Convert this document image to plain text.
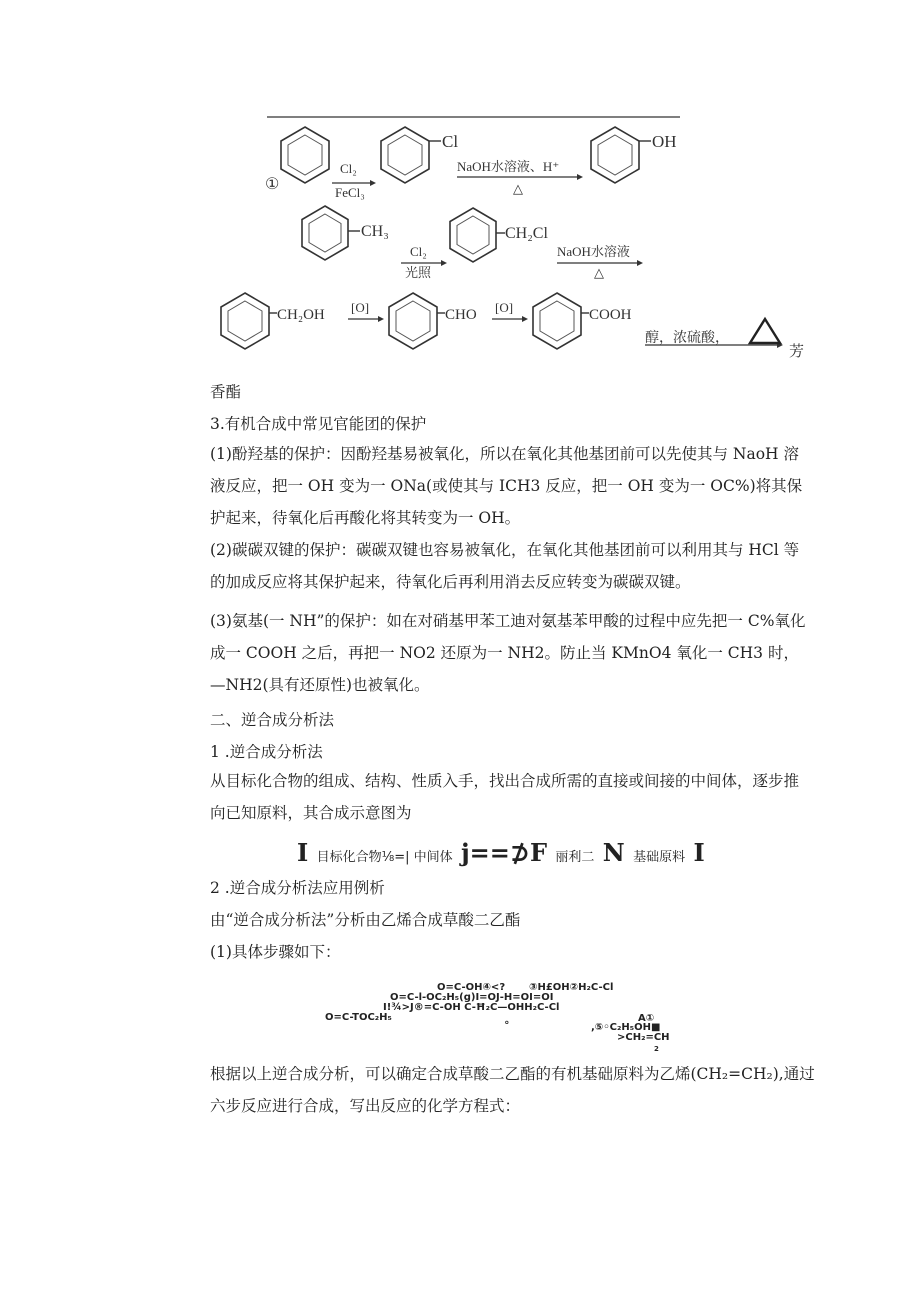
①
Cl₂
FeCl₃
Cl
NaOH水溶液、H⁺
△
OH
CH₃
Cl₂
光照
CH₂Cl
NaOH水溶液
△
CH₂OH [O]	CHO [O]	COOH
醇，浓硫酸，
芳
香酯
3.有机合成中常见官能团的保护
(1)酚羟基的保护：因酚羟基易被氧化，所以在氧化其他基团前可以先使其与 NaoH 溶液反应，把一 OH 变为一 ONa(或使其与 ICH3 反应，把一 OH 变为一 OC%)将其保护起来，待氧化后再酸化将其转变为一 OH。
(2)碳碳双键的保护：碳碳双键也容易被氧化，在氧化其他基团前可以利用其与 HCl 等的加成反应将其保护起来，待氧化后再利用消去反应转变为碳碳双键。
(3)氨基(一 NH”的保护：如在对硝基甲苯工迪对氨基苯甲酸的过程中应先把一 C%氧化成一 COOH 之后，再把一 NO2 还原为一 NH2。防止当 KMnO4 氧化一 CH3 时，—NH2(具有还原性)也被氧化。
二、逆合成分析法
1 .逆合成分析法
从目标化合物的组成、结构、性质入手，找出合成所需的直接或间接的中间体，逐步推向已知原料，其合成示意图为
I 目标化合物⅛=| 中间体 j==⊅F 丽利二 N 基础原料 I
2 .逆合成分析法应用例析
由“逆合成分析法”分析由乙烯合成草酸二乙酯
(1)具体步骤如下：
O=C-OH④<? ③H£OH②H₂C-Cl
O=C-l-OC₂H₅(g)I=OJ-H=OI=OI
I!¾>J®=C-OH C-Ħ₂C—OHH₂C-Cl
O=C-TOC₂H₅	。	A①
,⑤◦C₂H₅OH■
>CH₂=CH
2
根据以上逆合成分析，可以确定合成草酸二乙酯的有机基础原料为乙烯(CH₂=CH₂),通过六步反应进行合成，写出反应的化学方程式：
